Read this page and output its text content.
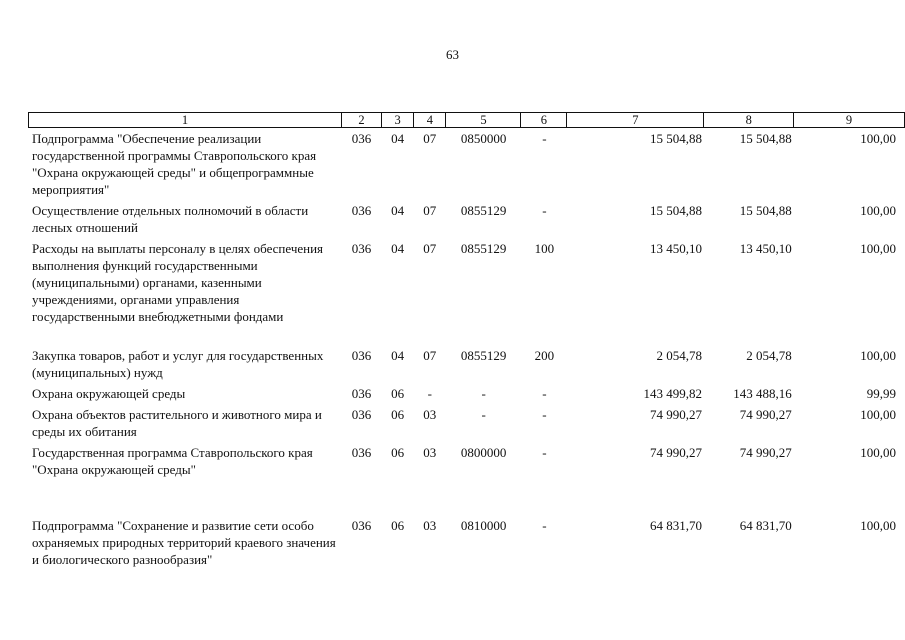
63
1	2	3	4	5	6	7	8	9
Подпрограмма "Обеспечение реализации государственной программы Ставропольского края "Охрана окружающей среды" и общепрограммные мероприятия"	036	04	07	0850000	-	15 504,88	15 504,88	100,00
Осуществление отдельных полномочий в области лесных отношений	036	04	07	0855129	-	15 504,88	15 504,88	100,00
Расходы на выплаты персоналу в целях обеспечения выполнения функций государственными (муниципальными) органами, казенными учреждениями, органами управления государственными внебюджетными фондами	036	04	07	0855129	100	13 450,10	13 450,10	100,00
Закупка товаров, работ и услуг для государственных (муниципальных) нужд	036	04	07	0855129	200	2 054,78	2 054,78	100,00
Охрана окружающей среды	036	06	-	-	-	143 499,82	143 488,16	99,99
Охрана объектов растительного и животного мира и среды их обитания	036	06	03	-	-	74 990,27	74 990,27	100,00
Государственная программа Ставропольского края "Охрана окружающей среды"	036	06	03	0800000	-	74 990,27	74 990,27	100,00
Подпрограмма "Сохранение и развитие сети особо охраняемых природных территорий краевого значения и биологического разнообразия"	036	06	03	0810000	-	64 831,70	64 831,70	100,00
